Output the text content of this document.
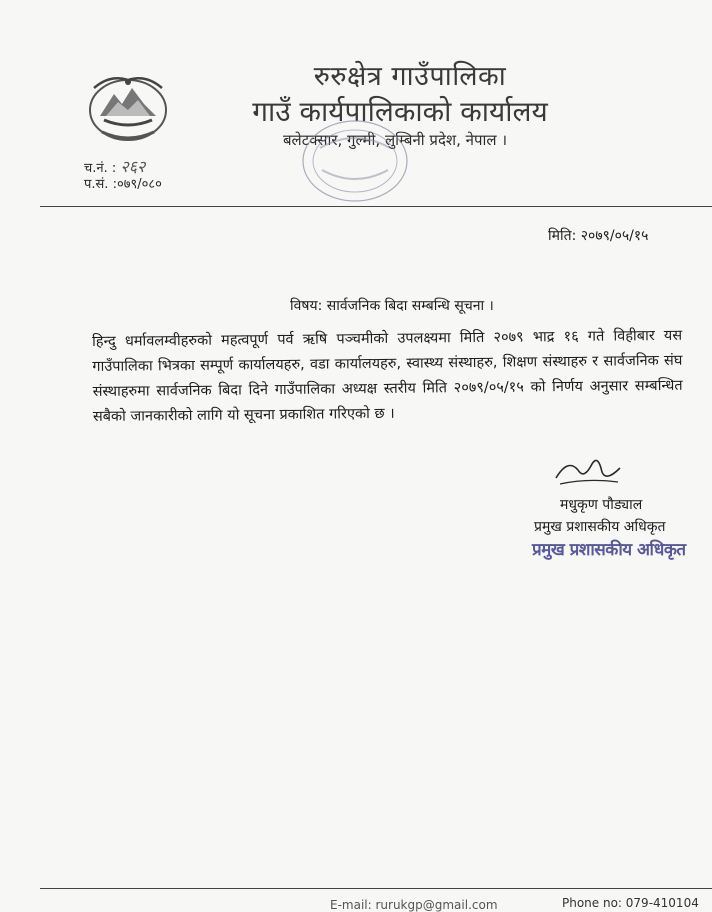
रुरुक्षेत्र गाउँपालिका
गाउँ कार्यपालिकाको कार्यालय
बलेटक्सार, गुल्मी, लुम्बिनी प्रदेश, नेपाल ।
च.नं. : २६२
प.सं. :०७९/०८०
मिति: २०७९/०५/१५
विषय: सार्वजनिक बिदा सम्बन्धि सूचना ।
हिन्दु धर्मावलम्वीहरुको महत्वपूर्ण पर्व ऋषि पञ्चमीको उपलक्ष्यमा मिति २०७९ भाद्र १६ गते विहीबार यस गाउँपालिका भित्रका सम्पूर्ण कार्यालयहरु, वडा कार्यालयहरु, स्वास्थ्य संस्थाहरु, शिक्षण संस्थाहरु र सार्वजनिक संघ संस्थाहरुमा सार्वजनिक बिदा दिने गाउँपालिका अध्यक्ष स्तरीय मिति २०७९/०५/१५ को निर्णय अनुसार सम्बन्धित सबैको जानकारीको लागि यो सूचना प्रकाशित गरिएको छ ।
मधुकृण पौड्याल
प्रमुख प्रशासकीय अधिकृत
प्रमुख प्रशासकीय अधिकृत
E-mail: rurukgp@gmail.com	Phone no: 079-410104
